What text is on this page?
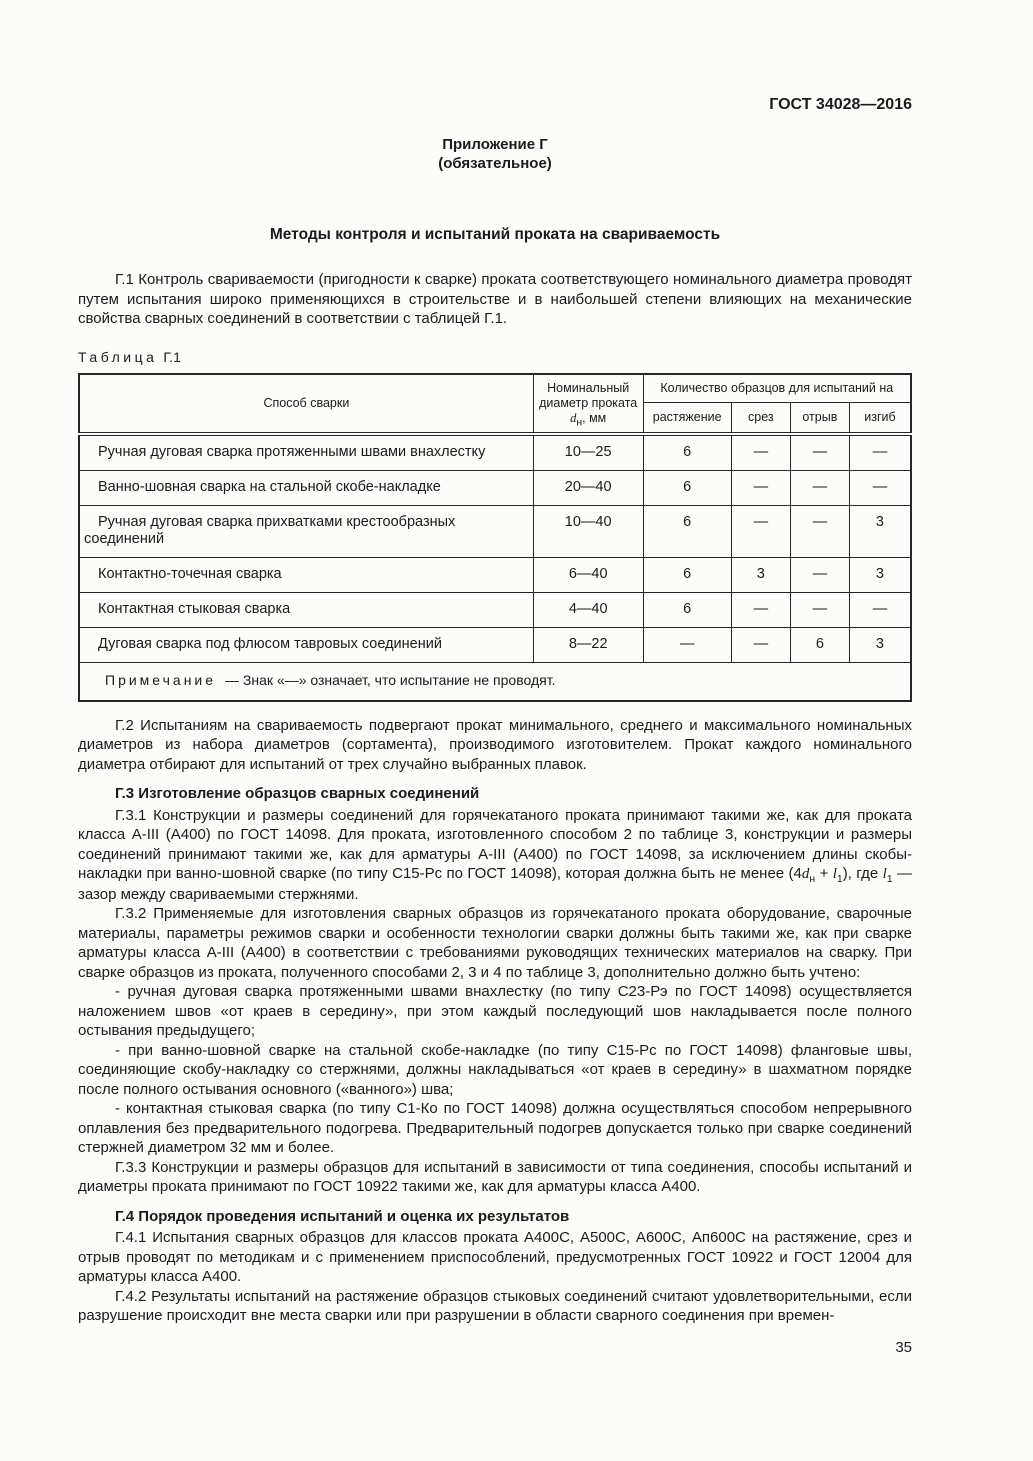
ГОСТ 34028—2016
Приложение Г
(обязательное)
Методы контроля и испытаний проката на свариваемость
Г.1 Контроль свариваемости (пригодности к сварке) проката соответствующего номинального диаметра проводят путем испытания широко применяющихся в строительстве и в наибольшей степени влияющих на механические свойства сварных соединений в соответствии с таблицей Г.1.
Таблица Г.1
Способ сварки	Номинальный диаметр проката $d_н$, мм	Количество образцов для испытаний на			
		растяжение	срез	отрыв	изгиб
Ручная дуговая сварка протяженными швами внахлестку	10—25	6	—	—	—
Ванно-шовная сварка на стальной скобе-накладке	20—40	6	—	—	—
Ручная дуговая сварка прихватками крестообразных соединений	10—40	6	—	—	3
Контактно-точечная сварка	6—40	6	3	—	3
Контактная стыковая сварка	4—40	6	—	—	—
Дуговая сварка под флюсом тавровых соединений	8—22	—	—	6	3
Примечание — Знак «—» означает, что испытание не проводят.					
Г.2 Испытаниям на свариваемость подвергают прокат минимального, среднего и максимального номинальных диаметров из набора диаметров (сортамента), производимого изготовителем. Прокат каждого номинального диаметра отбирают для испытаний от трех случайно выбранных плавок.
Г.3 Изготовление образцов сварных соединений
Г.3.1 Конструкции и размеры соединений для горячекатаного проката принимают такими же, как для проката класса А-III (А400) по ГОСТ 14098. Для проката, изготовленного способом 2 по таблице 3, конструкции и размеры соединений принимают такими же, как для арматуры А-III (А400) по ГОСТ 14098, за исключением длины скобы-накладки при ванно-шовной сварке (по типу С15-Рс по ГОСТ 14098), которая должна быть не менее $(4d_н + l_1)$, где $l_1$ — зазор между свариваемыми стержнями.
Г.3.2 Применяемые для изготовления сварных образцов из горячекатаного проката оборудование, сварочные материалы, параметры режимов сварки и особенности технологии сварки должны быть такими же, как при сварке арматуры класса А-III (А400) в соответствии с требованиями руководящих технических материалов на сварку. При сварке образцов из проката, полученного способами 2, 3 и 4 по таблице 3, дополнительно должно быть учтено:
- ручная дуговая сварка протяженными швами внахлестку (по типу С23-Рэ по ГОСТ 14098) осуществляется наложением швов «от краев в середину», при этом каждый последующий шов накладывается после полного остывания предыдущего;
- при ванно-шовной сварке на стальной скобе-накладке (по типу С15-Рс по ГОСТ 14098) фланговые швы, соединяющие скобу-накладку со стержнями, должны накладываться «от краев в середину» в шахматном порядке после полного остывания основного («ванного») шва;
- контактная стыковая сварка (по типу С1-Ко по ГОСТ 14098) должна осуществляться способом непрерывного оплавления без предварительного подогрева. Предварительный подогрев допускается только при сварке соединений стержней диаметром 32 мм и более.
Г.3.3 Конструкции и размеры образцов для испытаний в зависимости от типа соединения, способы испытаний и диаметры проката принимают по ГОСТ 10922 такими же, как для арматуры класса А400.
Г.4 Порядок проведения испытаний и оценка их результатов
Г.4.1 Испытания сварных образцов для классов проката А400С, А500С, А600С, Ап600С на растяжение, срез и отрыв проводят по методикам и с применением приспособлений, предусмотренных ГОСТ 10922 и ГОСТ 12004 для арматуры класса А400.
Г.4.2 Результаты испытаний на растяжение образцов стыковых соединений считают удовлетворительными, если разрушение происходит вне места сварки или при разрушении в области сварного соединения при времен-
35
